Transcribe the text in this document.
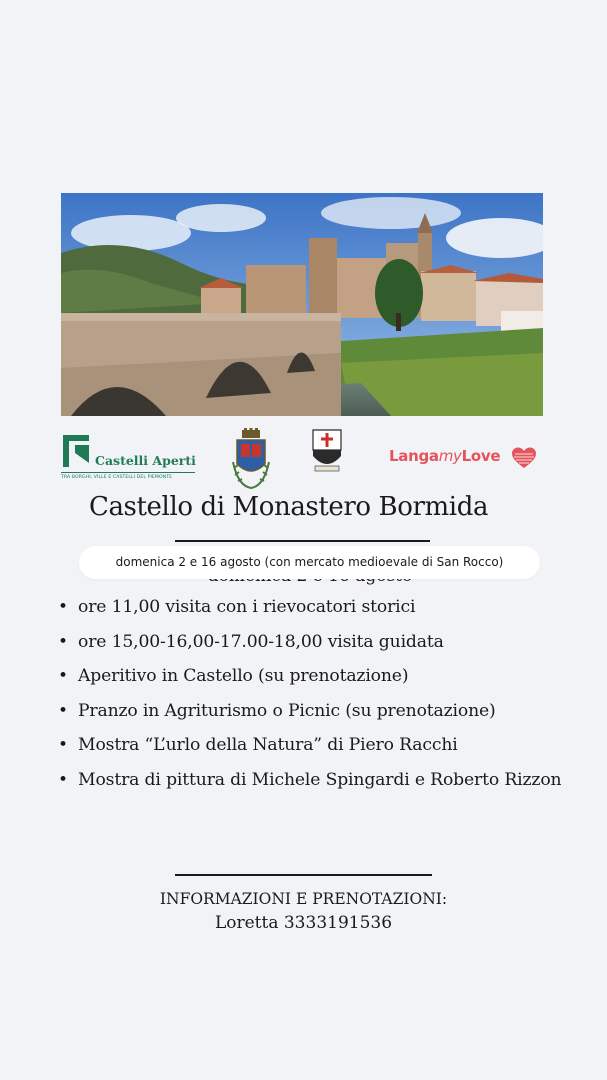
Castelli Aperti
TRA BORGHI, VILLE E CASTELLI DEL PIEMONTE
LangamyLove
Castello di Monastero Bormida
domenica 2 e 16 agosto (con mercato medioevale di San Rocco)
• ore 11,00 visita con i rievocatori storici
• ore 15,00-16,00-17.00-18,00 visita guidata
• Aperitivo in Castello (su prenotazione)
• Pranzo in Agriturismo o Picnic (su prenotazione)
• Mostra “L’urlo della Natura” di Piero Racchi
• Mostra di pittura di Michele Spingardi e Roberto Rizzon
INFORMAZIONI E PRENOTAZIONI:
Loretta 3333191536
